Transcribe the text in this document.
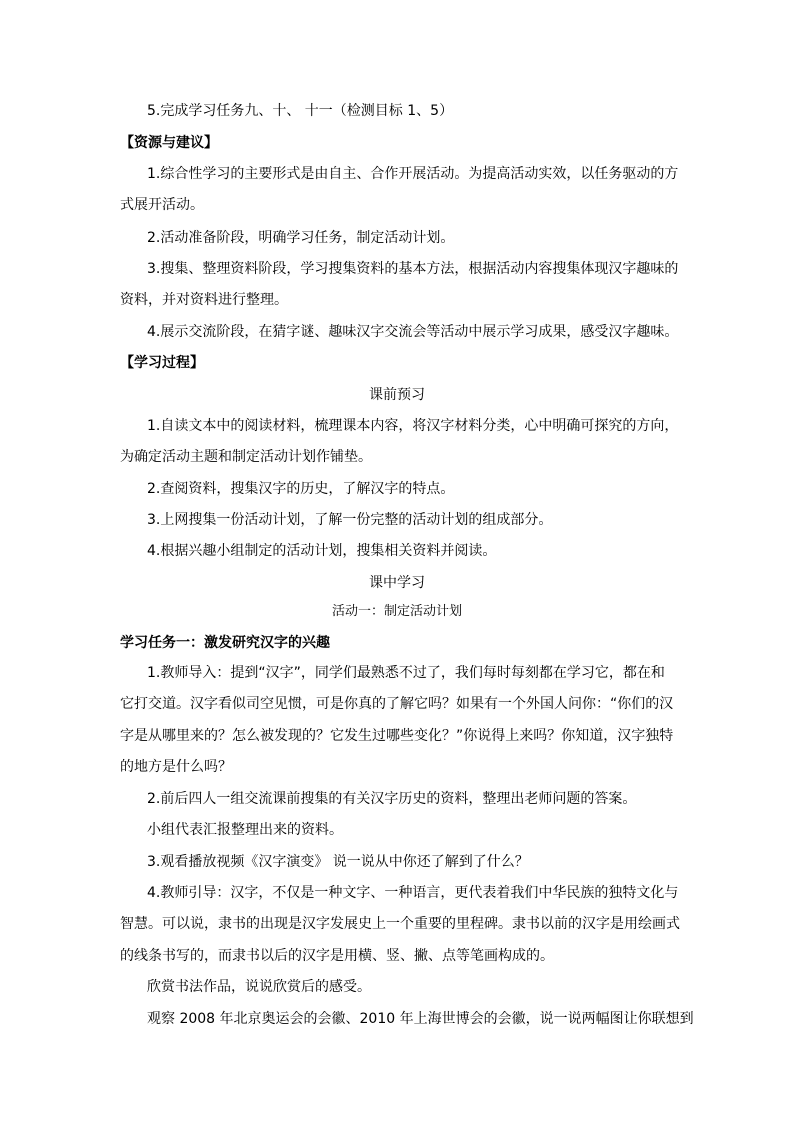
5.完成学习任务九、十、 十一（检测目标 1、5）
【资源与建议】
1.综合性学习的主要形式是由自主、合作开展活动。为提高活动实效，以任务驱动的方
式展开活动。
2.活动准备阶段，明确学习任务，制定活动计划。
3.搜集、整理资料阶段，学习搜集资料的基本方法，根据活动内容搜集体现汉字趣味的
资料，并对资料进行整理。
4.展示交流阶段，在猜字谜、趣味汉字交流会等活动中展示学习成果，感受汉字趣味。
【学习过程】
课前预习
1.自读文本中的阅读材料，梳理课本内容，将汉字材料分类，心中明确可探究的方向，
为确定活动主题和制定活动计划作铺垫。
2.查阅资料，搜集汉字的历史，了解汉字的特点。
3.上网搜集一份活动计划，了解一份完整的活动计划的组成部分。
4.根据兴趣小组制定的活动计划，搜集相关资料并阅读。
课中学习
活动一：制定活动计划
学习任务一：激发研究汉字的兴趣
1.教师导入：提到“汉字”，同学们最熟悉不过了，我们每时每刻都在学习它，都在和
它打交道。汉字看似司空见惯，可是你真的了解它吗？如果有一个外国人问你：“你们的汉
字是从哪里来的？怎么被发现的？它发生过哪些变化？”你说得上来吗？你知道，汉字独特
的地方是什么吗？
2.前后四人一组交流课前搜集的有关汉字历史的资料，整理出老师问题的答案。
小组代表汇报整理出来的资料。
3.观看播放视频《汉字演变》 说一说从中你还了解到了什么？
4.教师引导：汉字，不仅是一种文字、一种语言，更代表着我们中华民族的独特文化与
智慧。可以说，隶书的出现是汉字发展史上一个重要的里程碑。隶书以前的汉字是用绘画式
的线条书写的，而隶书以后的汉字是用横、竖、撇、点等笔画构成的。
欣赏书法作品，说说欣赏后的感受。
观察 2008 年北京奥运会的会徽、2010 年上海世博会的会徽，说一说两幅图让你联想到
